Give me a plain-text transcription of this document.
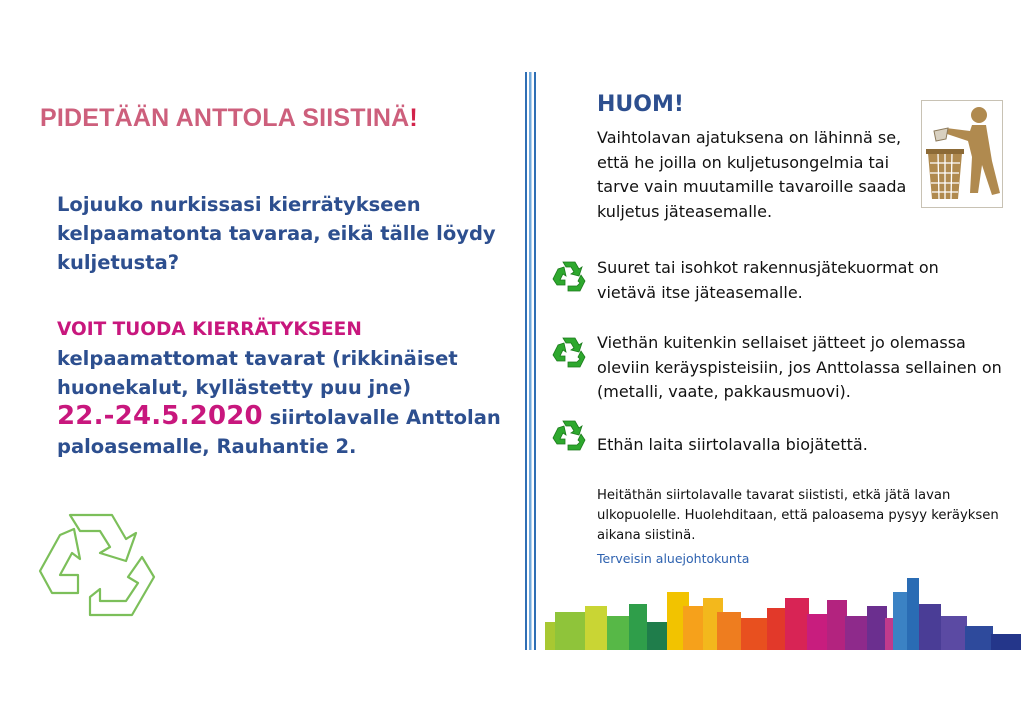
PIDETÄÄN ANTTOLA SIISTINÄ!
Lojuuko nurkissasi kierrätykseen kelpaamatonta tavaraa, eikä tälle löydy kuljetusta?
VOIT TUODA KIERRÄTYKSEEN
kelpaamattomat tavarat (rikkinäiset huonekalut, kyllästetty puu jne)
22.-24.5.2020 siirtolavalle Anttolan paloasemalle, Rauhantie 2.
HUOM!
Vaihtolavan ajatuksena on lähinnä se, että he joilla on kuljetusongelmia tai tarve vain muutamille tavaroille saada kuljetus jäteasemalle.
Suuret tai isohkot rakennusjätekuormat on vietävä itse jäteasemalle.
Viethän kuitenkin sellaiset jätteet jo olemassa oleviin keräyspisteisiin, jos Anttolassa sellainen on (metalli, vaate, pakkausmuovi).
Ethän laita siirtolavalla biojätettä.
Heitäthän siirtolavalle tavarat siististi, etkä jätä lavan ulkopuolelle. Huolehditaan, että paloasema pysyy keräyksen aikana siistinä.
Terveisin aluejohtokunta
